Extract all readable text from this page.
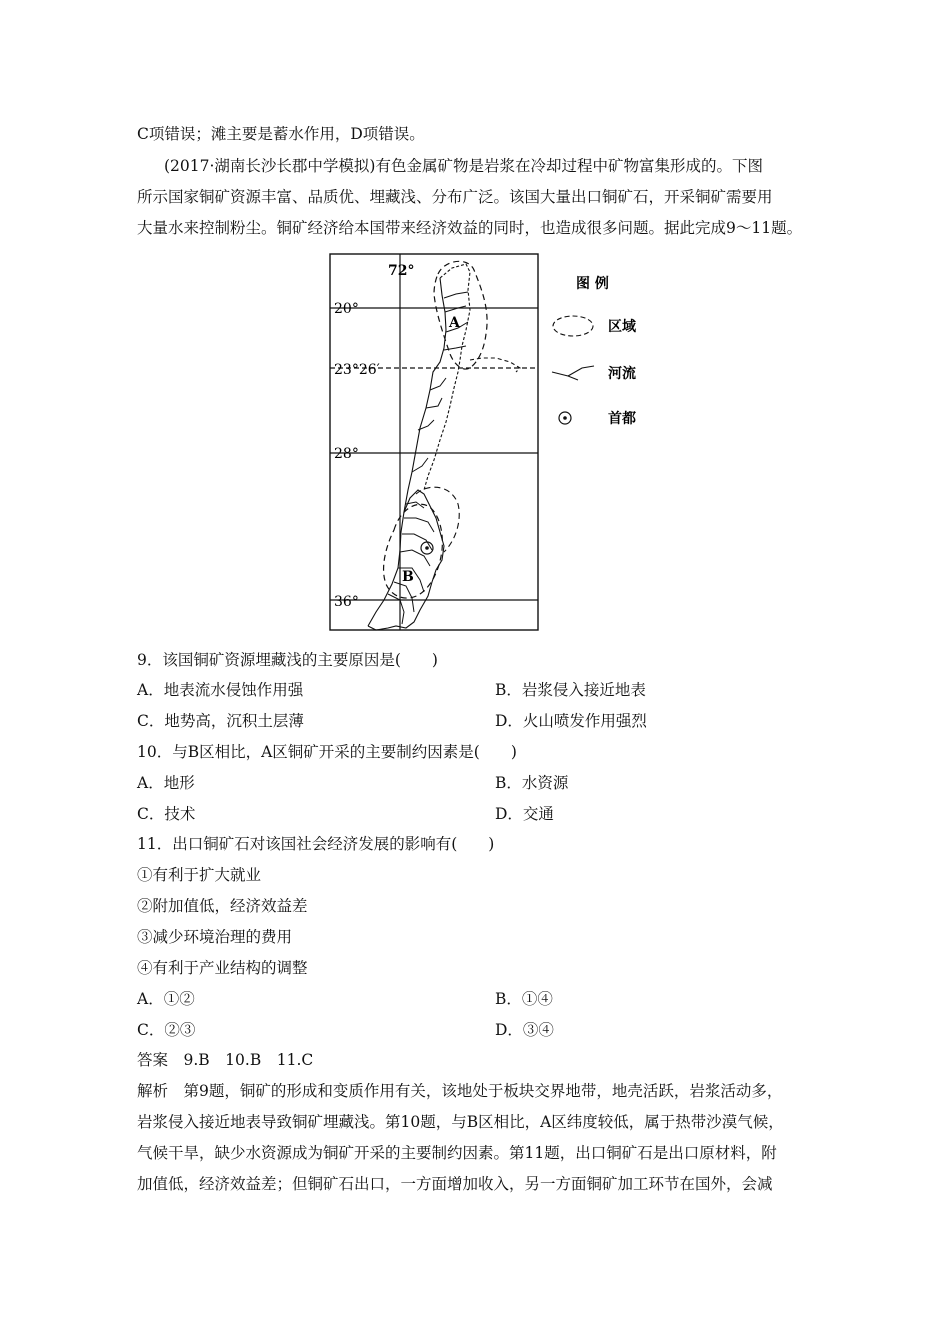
C项错误；滩主要是蓄水作用，D项错误。
(2017·湖南长沙长郡中学模拟)有色金属矿物是岩浆在冷却过程中矿物富集形成的。下图
所示国家铜矿资源丰富、品质优、埋藏浅、分布广泛。该国大量出口铜矿石，开采铜矿需要用
大量水来控制粉尘。铜矿经济给本国带来经济效益的同时，也造成很多问题。据此完成9～11题。
72°
20°
23°26′
28°
36°
A
B
图 例
区域
河流
首都
9．该国铜矿资源埋藏浅的主要原因是(　　)
A．地表流水侵蚀作用强	B．岩浆侵入接近地表
C．地势高，沉积土层薄	D．火山喷发作用强烈
10．与B区相比，A区铜矿开采的主要制约因素是(　　)
A．地形	B．水资源
C．技术	D．交通
11．出口铜矿石对该国社会经济发展的影响有(　　)
①有利于扩大就业
②附加值低，经济效益差
③减少环境治理的费用
④有利于产业结构的调整
A．①②	B．①④
C．②③	D．③④
答案　9.B　10.B　11.C
解析　第9题，铜矿的形成和变质作用有关，该地处于板块交界地带，地壳活跃，岩浆活动多，
岩浆侵入接近地表导致铜矿埋藏浅。第10题，与B区相比，A区纬度较低，属于热带沙漠气候，
气候干旱，缺少水资源成为铜矿开采的主要制约因素。第11题，出口铜矿石是出口原材料，附
加值低，经济效益差；但铜矿石出口，一方面增加收入，另一方面铜矿加工环节在国外，会减
